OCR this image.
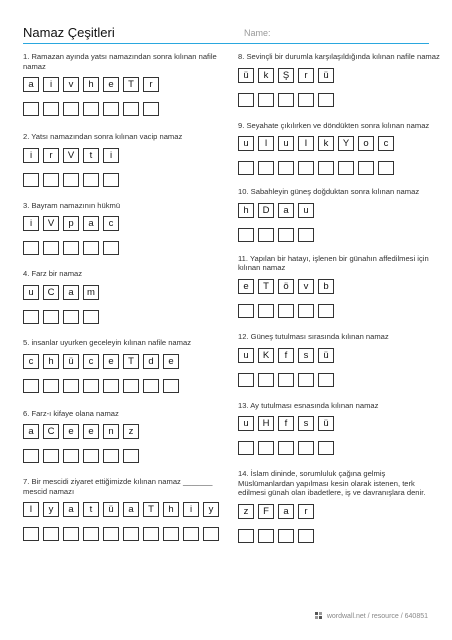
Namaz Çeşitleri	Name:
1. Ramazan ayında yatsı namazından sonra kılınan nafile namaz
a	i	v	h	e	T	r
2. Yatsı namazından sonra kılınan vacip namaz
i	r	V	t	i
3. Bayram namazının hükmü
i	V	p	a	c
4. Farz bir namaz
u	C	a	m
5. insanlar uyurken geceleyin kılınan nafile namaz
c	h	ü	c	e	T	d	e
6. Farz-ı kifaye olana namaz
a	C	e	e	n	z
7. Bir mescidi ziyaret ettiğimizde kılınan namaz _______ mescid namazı
I	y	a	t	ü	a	T	h	i	y
8. Sevinçli bir durumla karşılaşıldığında kılınan nafile namaz
ü	k	Ş	r	ü
9. Seyahate çıkılırken ve döndükten sonra kılınan namaz
u	l	u	I	k	Y	o	c
10. Sabahleyin güneş doğduktan sonra kılınan namaz
h	D	a	u
11. Yapılan bir hatayı, işlenen bir günahın affedilmesi için kılınan namaz
e	T	ö	v	b
12. Güneş tutulması sırasında kılınan namaz
u	K	f	s	ü
13. Ay tutulması esnasında kılınan namaz
u	H	f	s	ü
14. İslam dininde, sorumluluk çağına gelmiş Müslümanlardan yapılması kesin olarak istenen, terk edilmesi günah olan ibadetlere, iş ve davranışlara denir.
z	F	a	r
wordwall.net / resource / 640851
